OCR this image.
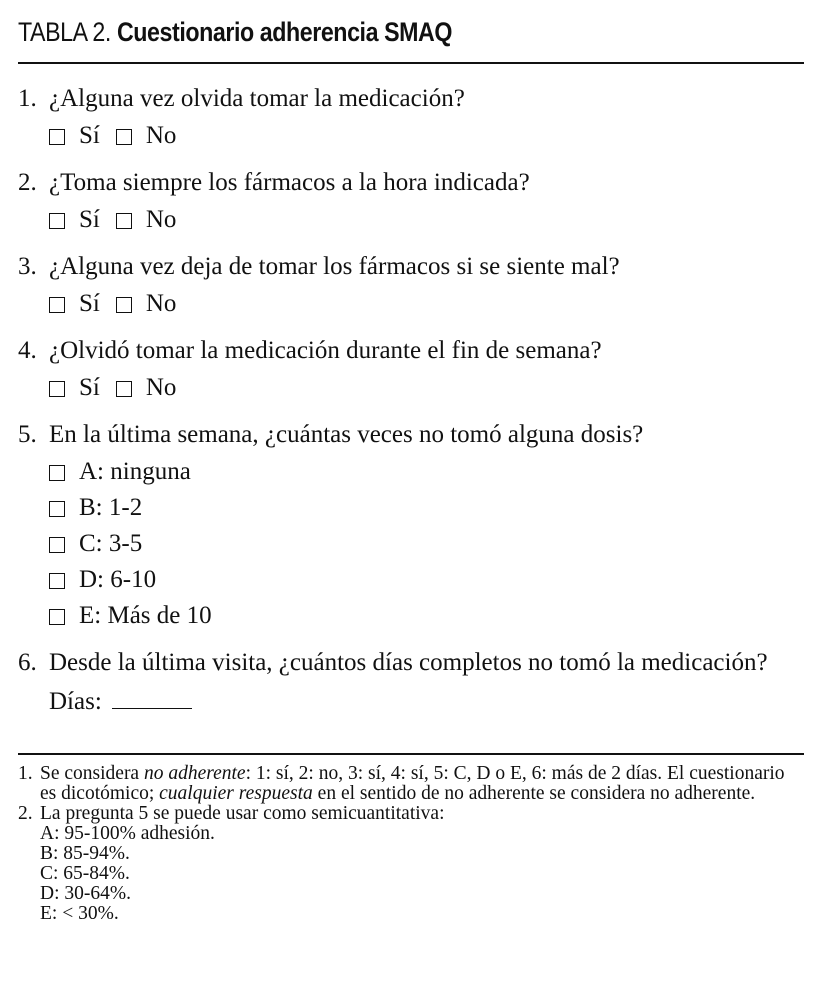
TABLA 2. Cuestionario adherencia SMAQ
1. ¿Alguna vez olvida tomar la medicación?
Sí No
2. ¿Toma siempre los fármacos a la hora indicada?
Sí No
3. ¿Alguna vez deja de tomar los fármacos si se siente mal?
Sí No
4. ¿Olvidó tomar la medicación durante el fin de semana?
Sí No
5. En la última semana, ¿cuántas veces no tomó alguna dosis?
A: ninguna
B: 1-2
C: 3-5
D: 6-10
E: Más de 10
6. Desde la última visita, ¿cuántos días completos no tomó la medicación?
Días:
1. Se considera no adherente: 1: sí, 2: no, 3: sí, 4: sí, 5: C, D o E, 6: más de 2 días. El cuestionario es dicotómico; cualquier respuesta en el sentido de no adherente se considera no adherente.
2. La pregunta 5 se puede usar como semicuantitativa:
A: 95-100% adhesión.
B: 85-94%.
C: 65-84%.
D: 30-64%.
E: < 30%.
